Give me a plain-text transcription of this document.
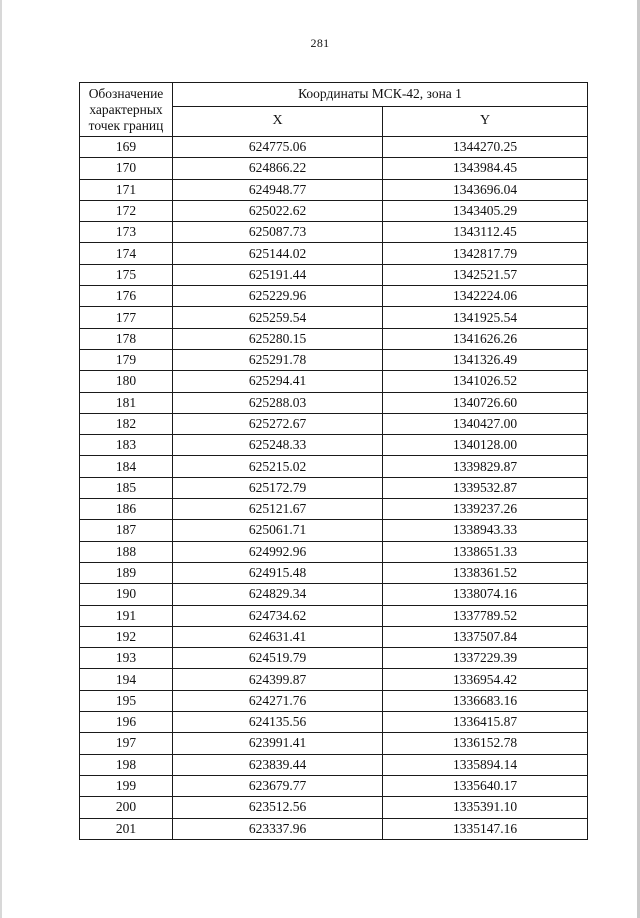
281
Обозначение
характерных
точек границ	Координаты МСК-42, зона 1	
	X	Y
169	624775.06	1344270.25
170	624866.22	1343984.45
171	624948.77	1343696.04
172	625022.62	1343405.29
173	625087.73	1343112.45
174	625144.02	1342817.79
175	625191.44	1342521.57
176	625229.96	1342224.06
177	625259.54	1341925.54
178	625280.15	1341626.26
179	625291.78	1341326.49
180	625294.41	1341026.52
181	625288.03	1340726.60
182	625272.67	1340427.00
183	625248.33	1340128.00
184	625215.02	1339829.87
185	625172.79	1339532.87
186	625121.67	1339237.26
187	625061.71	1338943.33
188	624992.96	1338651.33
189	624915.48	1338361.52
190	624829.34	1338074.16
191	624734.62	1337789.52
192	624631.41	1337507.84
193	624519.79	1337229.39
194	624399.87	1336954.42
195	624271.76	1336683.16
196	624135.56	1336415.87
197	623991.41	1336152.78
198	623839.44	1335894.14
199	623679.77	1335640.17
200	623512.56	1335391.10
201	623337.96	1335147.16
